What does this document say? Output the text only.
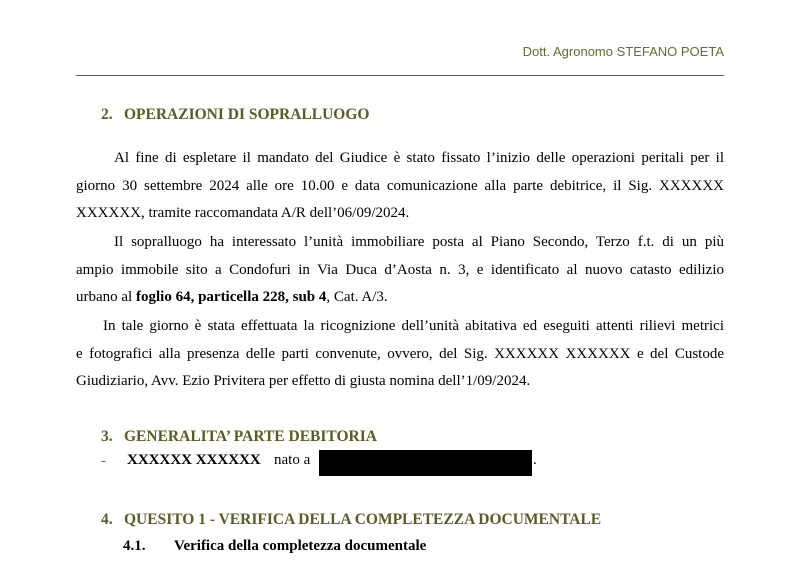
Dott. Agronomo STEFANO POETA
2. OPERAZIONI DI SOPRALLUOGO
Al fine di espletare il mandato del Giudice è stato fissato l’inizio delle operazioni peritali per il
giorno 30 settembre 2024 alle ore 10.00 e data comunicazione alla parte debitrice, il Sig. XXXXXX
XXXXXX, tramite raccomandata A/R dell’06/09/2024.
Il sopralluogo ha interessato l’unità immobiliare posta al Piano Secondo, Terzo f.t. di un più
ampio immobile sito a Condofuri in Via Duca d’Aosta n. 3, e identificato al nuovo catasto edilizio
urbano al foglio 64, particella 228, sub 4, Cat. A/3.
In tale giorno è stata effettuata la ricognizione dell’unità abitativa ed eseguiti attenti rilievi metrici
e fotografici alla presenza delle parti convenute, ovvero, del Sig. XXXXXX XXXXXX e del Custode
Giudiziario, Avv. Ezio Privitera per effetto di giusta nomina dell’1/09/2024.
3. GENERALITA’ PARTE DEBITORIA
- XXXXXX XXXXXX nato a	.
4. QUESITO 1 - VERIFICA DELLA COMPLETEZZA DOCUMENTALE
4.1. Verifica della completezza documentale
